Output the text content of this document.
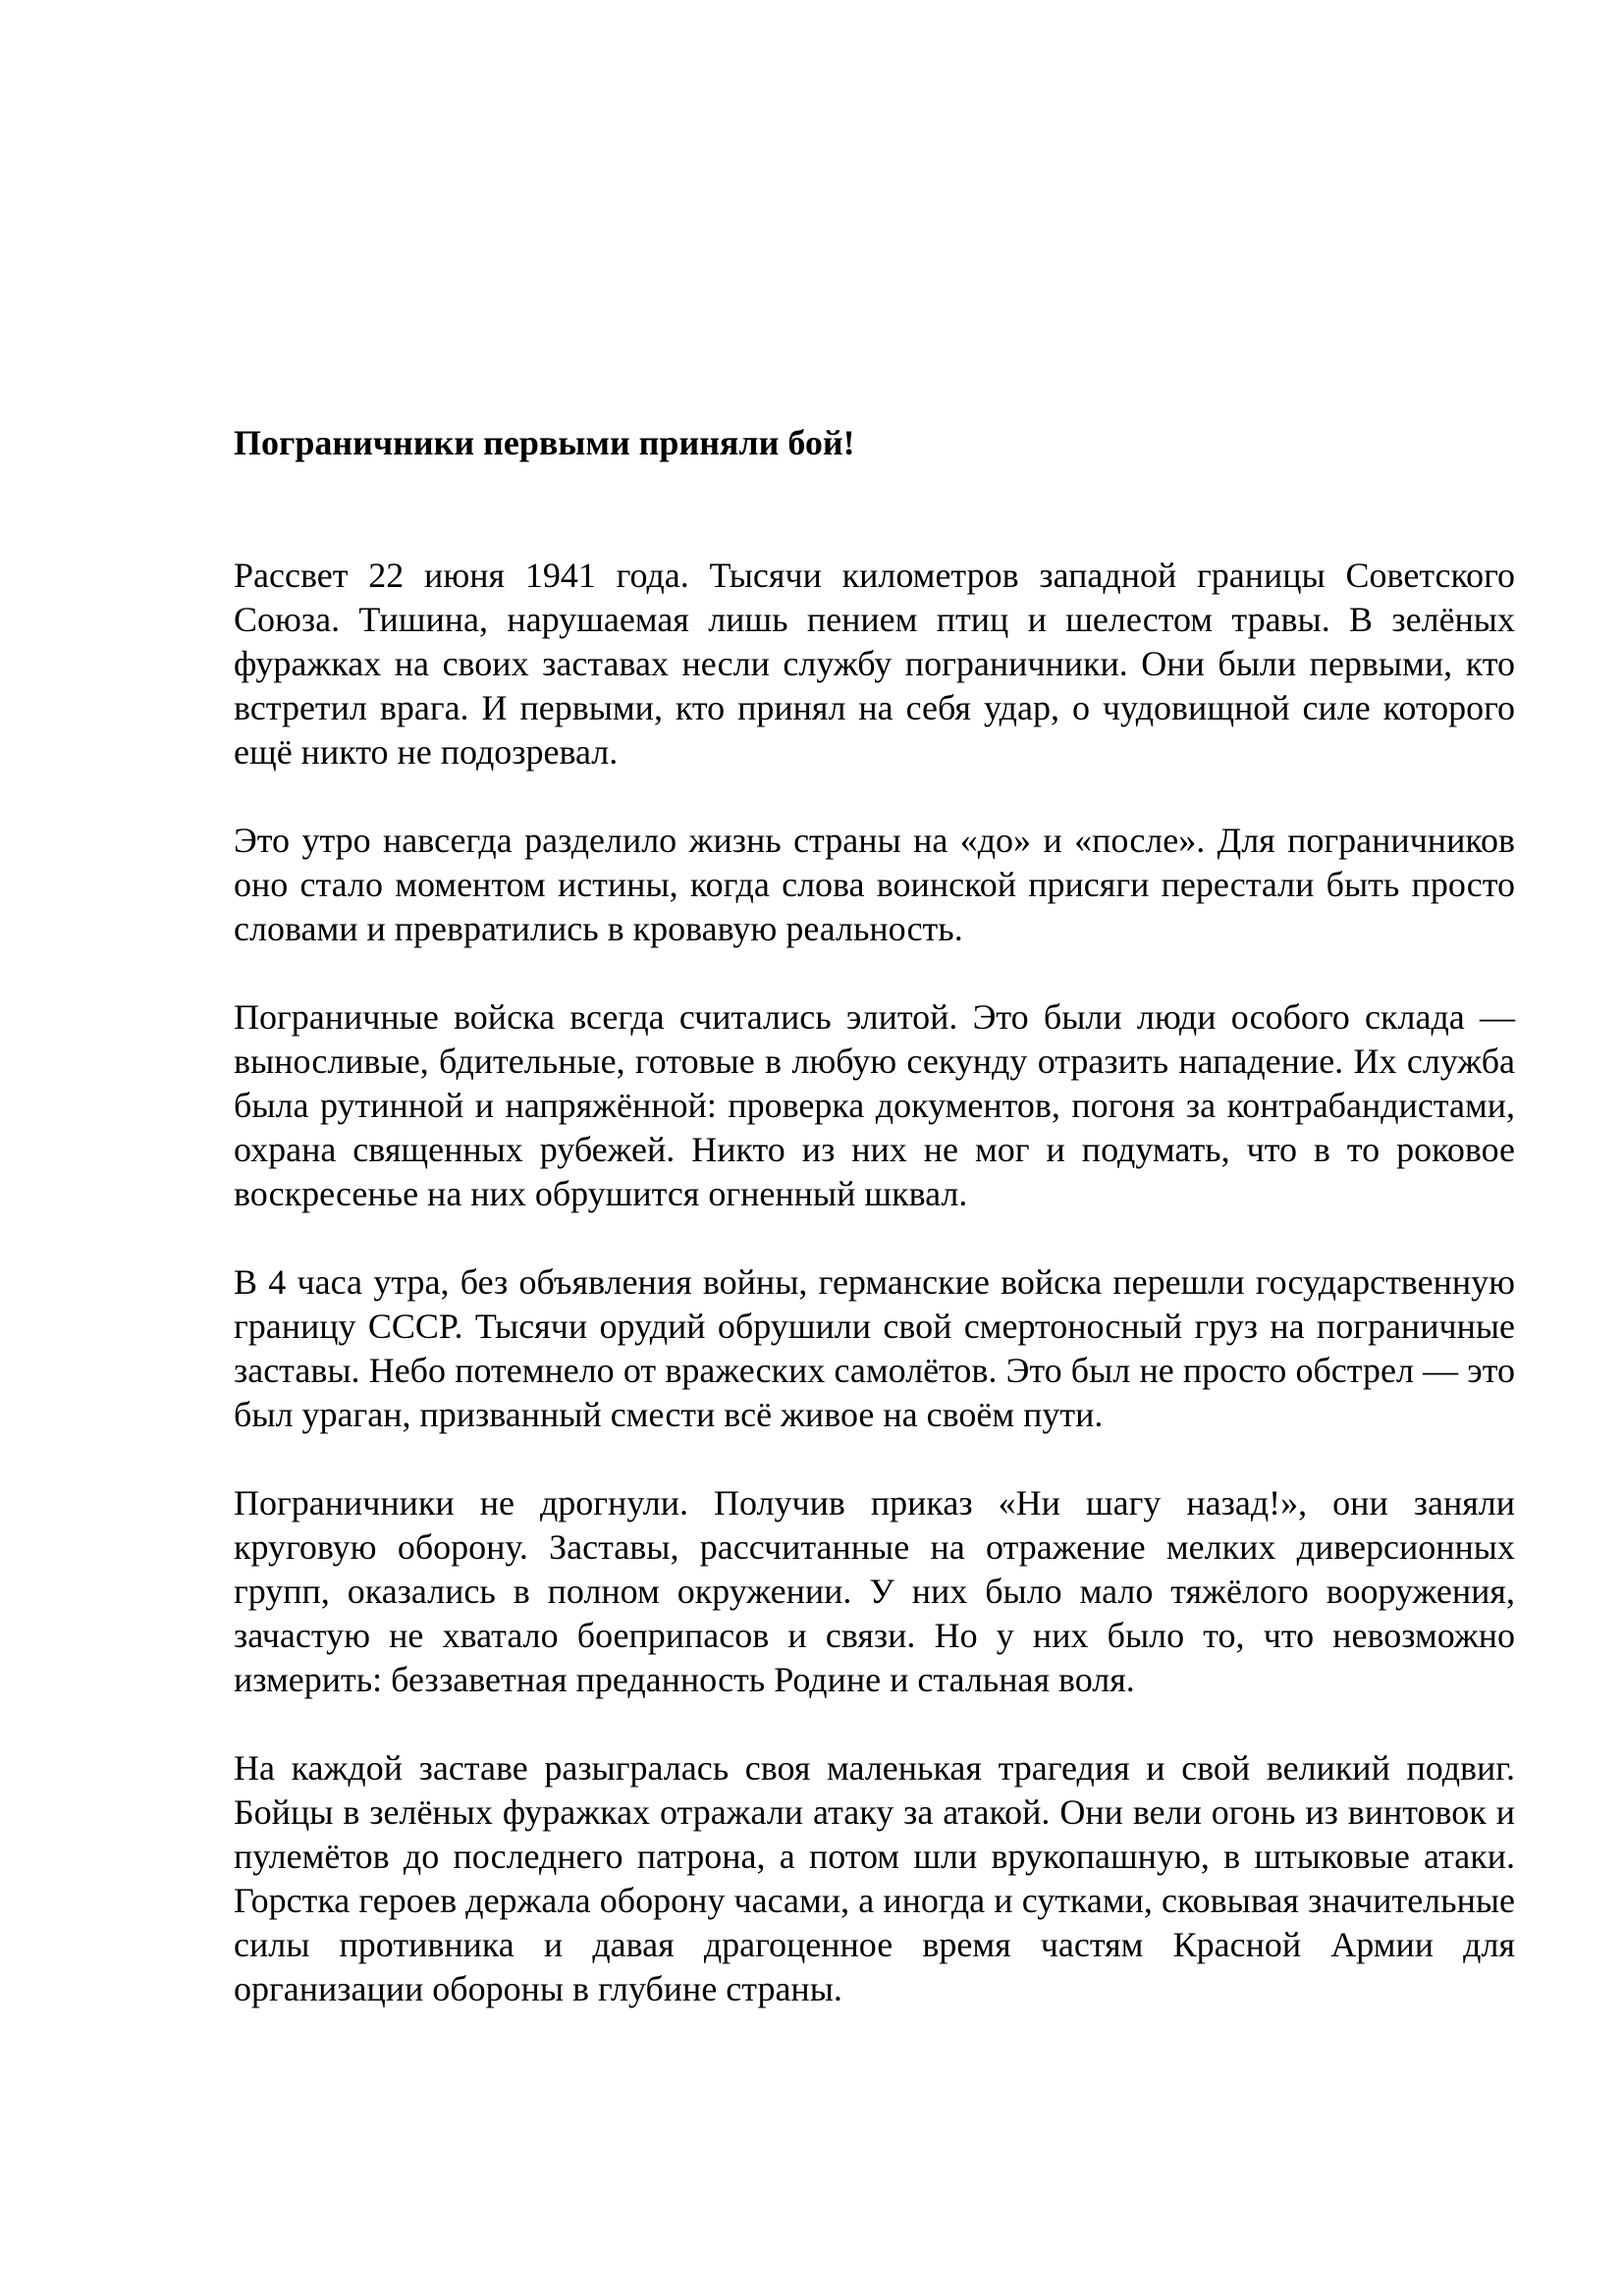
Пограничники первыми приняли бой!

Рассвет 22 июня 1941 года. Тысячи километров западной границы Советского Союза. Тишина, нарушаемая лишь пением птиц и шелестом травы. В зелёных фуражках на своих заставах несли службу пограничники. Они были первыми, кто встретил врага. И первыми, кто принял на себя удар, о чудовищной силе которого ещё никто не подозревал.

Это утро навсегда разделило жизнь страны на «до» и «после». Для пограничников оно стало моментом истины, когда слова воинской присяги перестали быть просто словами и превратились в кровавую реальность.

Пограничные войска всегда считались элитой. Это были люди особого склада — выносливые, бдительные, готовые в любую секунду отразить нападение. Их служба была рутинной и напряжённой: проверка документов, погоня за контрабандистами, охрана священных рубежей. Никто из них не мог и подумать, что в то роковое воскресенье на них обрушится огненный шквал.

В 4 часа утра, без объявления войны, германские войска перешли государственную границу СССР. Тысячи орудий обрушили свой смертоносный груз на пограничные заставы. Небо потемнело от вражеских самолётов. Это был не просто обстрел — это был ураган, призванный смести всё живое на своём пути.

Пограничники не дрогнули. Получив приказ «Ни шагу назад!», они заняли круговую оборону. Заставы, рассчитанные на отражение мелких диверсионных групп, оказались в полном окружении. У них было мало тяжёлого вооружения, зачастую не хватало боеприпасов и связи. Но у них было то, что невозможно измерить: беззаветная преданность Родине и стальная воля.

На каждой заставе разыгралась своя маленькая трагедия и свой великий подвиг. Бойцы в зелёных фуражках отражали атаку за атакой. Они вели огонь из винтовок и пулемётов до последнего патрона, а потом шли врукопашную, в штыковые атаки. Горстка героев держала оборону часами, а иногда и сутками, сковывая значительные силы противника и давая драгоценное время частям Красной Армии для организации обороны в глубине страны.
